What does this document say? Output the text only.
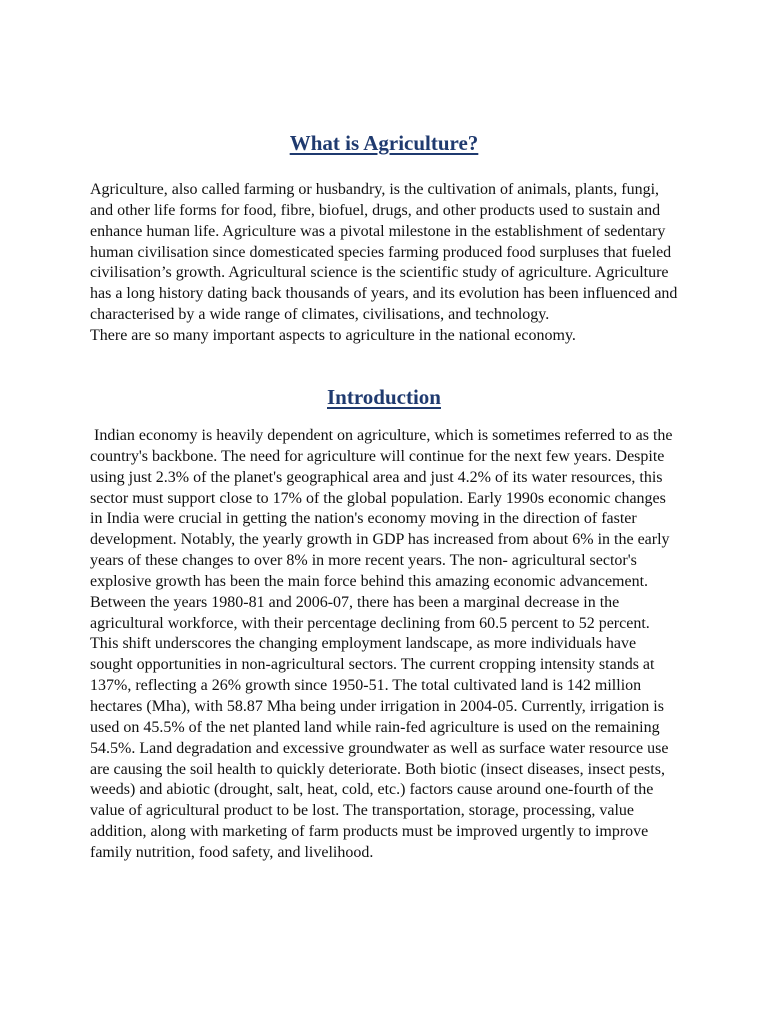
What is Agriculture?

Agriculture, also called farming or husbandry, is the cultivation of animals, plants, fungi, and other life forms for food, fibre, biofuel, drugs, and other products used to sustain and enhance human life. Agriculture was a pivotal milestone in the establishment of sedentary human civilisation since domesticated species farming produced food surpluses that fueled civilisation’s growth. Agricultural science is the scientific study of agriculture. Agriculture has a long history dating back thousands of years, and its evolution has been influenced and characterised by a wide range of climates, civilisations, and technology.

There are so many important aspects to agriculture in the national economy.

Introduction

Indian economy is heavily dependent on agriculture, which is sometimes referred to as the country's backbone. The need for agriculture will continue for the next few years. Despite using just 2.3% of the planet's geographical area and just 4.2% of its water resources, this sector must support close to 17% of the global population. Early 1990s economic changes in India were crucial in getting the nation's economy moving in the direction of faster development. Notably, the yearly growth in GDP has increased from about 6% in the early years of these changes to over 8% in more recent years. The non- agricultural sector's explosive growth has been the main force behind this amazing economic advancement. Between the years 1980-81 and 2006-07, there has been a marginal decrease in the agricultural workforce, with their percentage declining from 60.5 percent to 52 percent. This shift underscores the changing employment landscape, as more individuals have sought opportunities in non-agricultural sectors. The current cropping intensity stands at 137%, reflecting a 26% growth since 1950-51. The total cultivated land is 142 million hectares (Mha), with 58.87 Mha being under irrigation in 2004-05. Currently, irrigation is used on 45.5% of the net planted land while rain-fed agriculture is used on the remaining 54.5%. Land degradation and excessive groundwater as well as surface water resource use are causing the soil health to quickly deteriorate. Both biotic (insect diseases, insect pests, weeds) and abiotic (drought, salt, heat, cold, etc.) factors cause around one-fourth of the value of agricultural product to be lost. The transportation, storage, processing, value addition, along with marketing of farm products must be improved urgently to improve family nutrition, food safety, and livelihood.
